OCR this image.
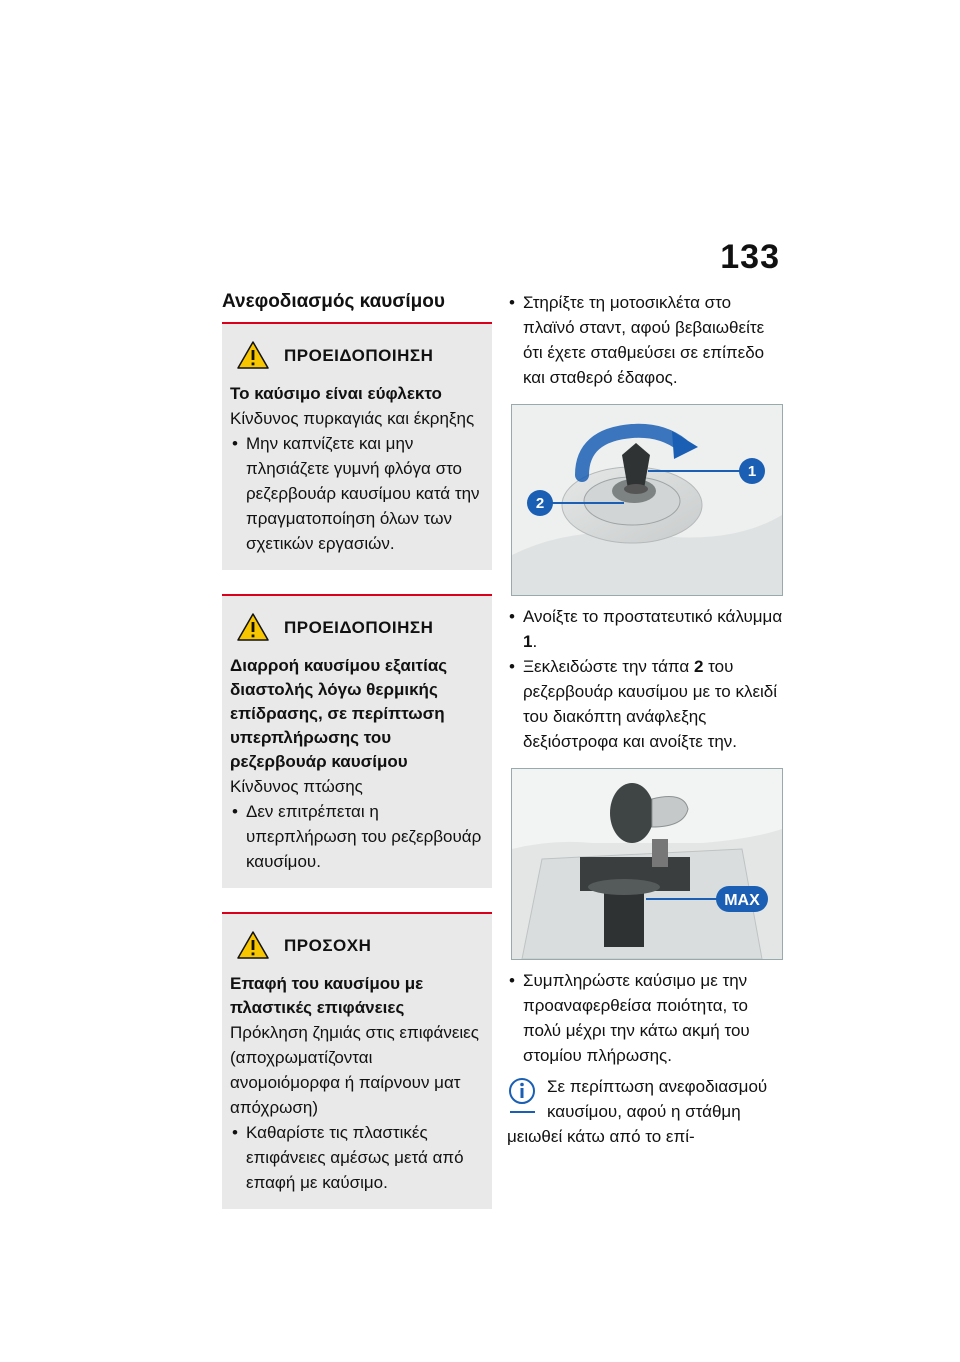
133
Ανεφοδιασμός καυσίμου
ΠΡΟΕΙΔΟΠΟΙΗΣΗ
Το καύσιμο είναι εύφλεκτο
Κίνδυνος πυρκαγιάς και έκρηξης
• Μην καπνίζετε και μην πλησιάζετε γυμνή φλόγα στο ρεζερβουάρ καυσίμου κατά την πραγματοποίηση όλων των σχετικών εργασιών.
ΠΡΟΕΙΔΟΠΟΙΗΣΗ
Διαρροή καυσίμου εξαιτίας διαστολής λόγω θερμικής επίδρασης, σε περίπτωση υπερπλήρωσης του ρεζερβουάρ καυσίμου
Κίνδυνος πτώσης
• Δεν επιτρέπεται η υπερπλήρωση του ρεζερβουάρ καυσίμου.
ΠΡΟΣΟΧΗ
Επαφή του καυσίμου με πλαστικές επιφάνειες
Πρόκληση ζημιάς στις επιφάνειες (αποχρωματίζονται ανομοιόμορφα ή παίρνουν ματ απόχρωση)
• Καθαρίστε τις πλαστικές επιφάνειες αμέσως μετά από επαφή με καύσιμο.
• Στηρίξτε τη μοτοσικλέτα στο πλαϊνό σταντ, αφού βεβαιωθείτε ότι έχετε σταθμεύσει σε επίπεδο και σταθερό έδαφος.
1
2
• Ανοίξτε το προστατευτικό κάλυμμα 1.
• Ξεκλειδώστε την τάπα 2 του ρεζερβουάρ καυσίμου με το κλειδί του διακόπτη ανάφλεξης δεξιόστροφα και ανοίξτε την.
MAX
• Συμπληρώστε καύσιμο με την προαναφερθείσα ποιότητα, το πολύ μέχρι την κάτω ακμή του στομίου πλήρωσης.
Σε περίπτωση ανεφοδιασμού καυσίμου, αφού η στάθμη μειωθεί κάτω από το επί-
